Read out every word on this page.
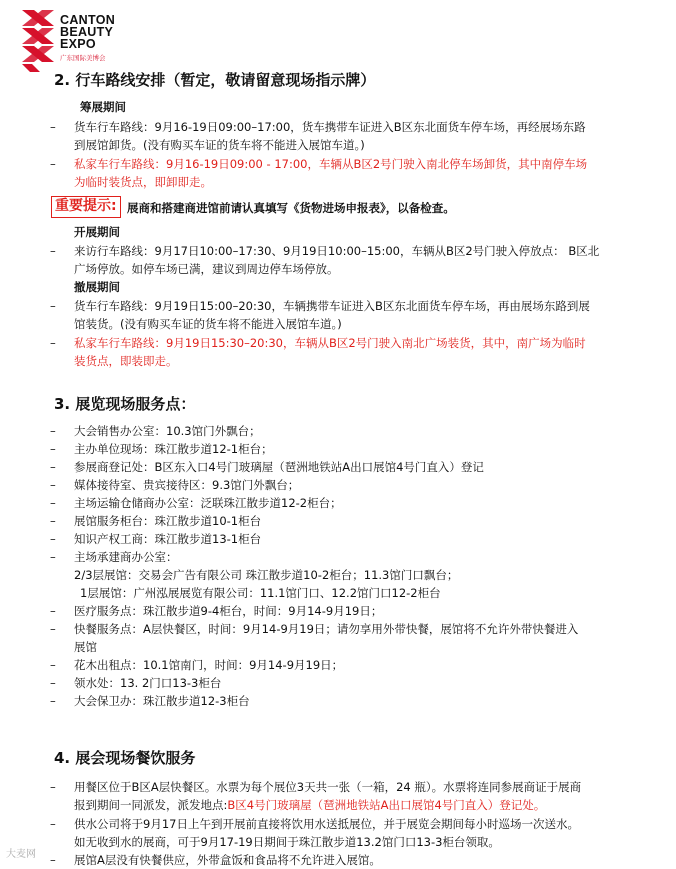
CANTON
BEAUTY
EXPO
广东国际美博会
2. 行车路线安排（暂定，敬请留意现场指示牌）
筹展期间
– 货车行车路线：9月16-19日09:00–17:00，货车携带车证进入B区东北面货车停车场，再经展场东路
到展馆卸货。(没有购买车证的货车将不能进入展馆车道。)
– 私家车行车路线：9月16-19日09:00 - 17:00，车辆从B区2号门驶入南北停车场卸货，其中南停车场
为临时装货点，即卸即走。
重要提示: 展商和搭建商进馆前请认真填写《货物进场申报表》，以备检查。
开展期间
– 来访行车路线：9月17日10:00–17:30、9月19日10:00–15:00，车辆从B区2号门驶入停放点： B区北
广场停放。如停车场已满，建议到周边停车场停放。
撤展期间
– 货车行车路线：9月19日15:00–20:30，车辆携带车证进入B区东北面货车停车场，再由展场东路到展
馆装货。(没有购买车证的货车将不能进入展馆车道。)
– 私家车行车路线：9月19日15:30–20:30，车辆从B区2号门驶入南北广场装货，其中，南广场为临时
装货点，即装即走。
3. 展览现场服务点：
– 大会销售办公室：10.3馆门外飘台；
– 主办单位现场：珠江散步道12-1柜台；
– 参展商登记处：B区东入口4号门玻璃屋（琶洲地铁站A出口展馆4号门直入）登记
– 媒体接待室、贵宾接待区：9.3馆门外飘台；
– 主场运输仓储商办公室：泛联珠江散步道12-2柜台；
– 展馆服务柜台：珠江散步道10-1柜台
– 知识产权工商：珠江散步道13-1柜台
– 主场承建商办公室：
2/3层展馆：交易会广告有限公司 珠江散步道10-2柜台；11.3馆门口飘台；
1层展馆：广州泓展展览有限公司：11.1馆门口、12.2馆门口12-2柜台
– 医疗服务点：珠江散步道9-4柜台，时间：9月14-9月19日；
– 快餐服务点：A层快餐区，时间：9月14-9月19日；请勿享用外带快餐，展馆将不允许外带快餐进入
展馆
– 花木出租点：10.1馆南门，时间：9月14-9月19日；
– 领水处：13. 2门口13-3柜台
– 大会保卫办：珠江散步道12-3柜台
4. 展会现场餐饮服务
– 用餐区位于B区A层快餐区。水票为每个展位3天共一张（一箱，24 瓶）。水票将连同参展商证于展商
报到期间一同派发，派发地点:B区4号门玻璃屋（琶洲地铁站A出口展馆4号门直入）登记处。
– 供水公司将于9月17日上午到开展前直接将饮用水送抵展位，并于展览会期间每小时巡场一次送水。
如无收到水的展商，可于9月17-19日期间于珠江散步道13.2馆门口13-3柜台领取。
– 展馆A层没有快餐供应，外带盒饭和食品将不允许进入展馆。
大麦网
